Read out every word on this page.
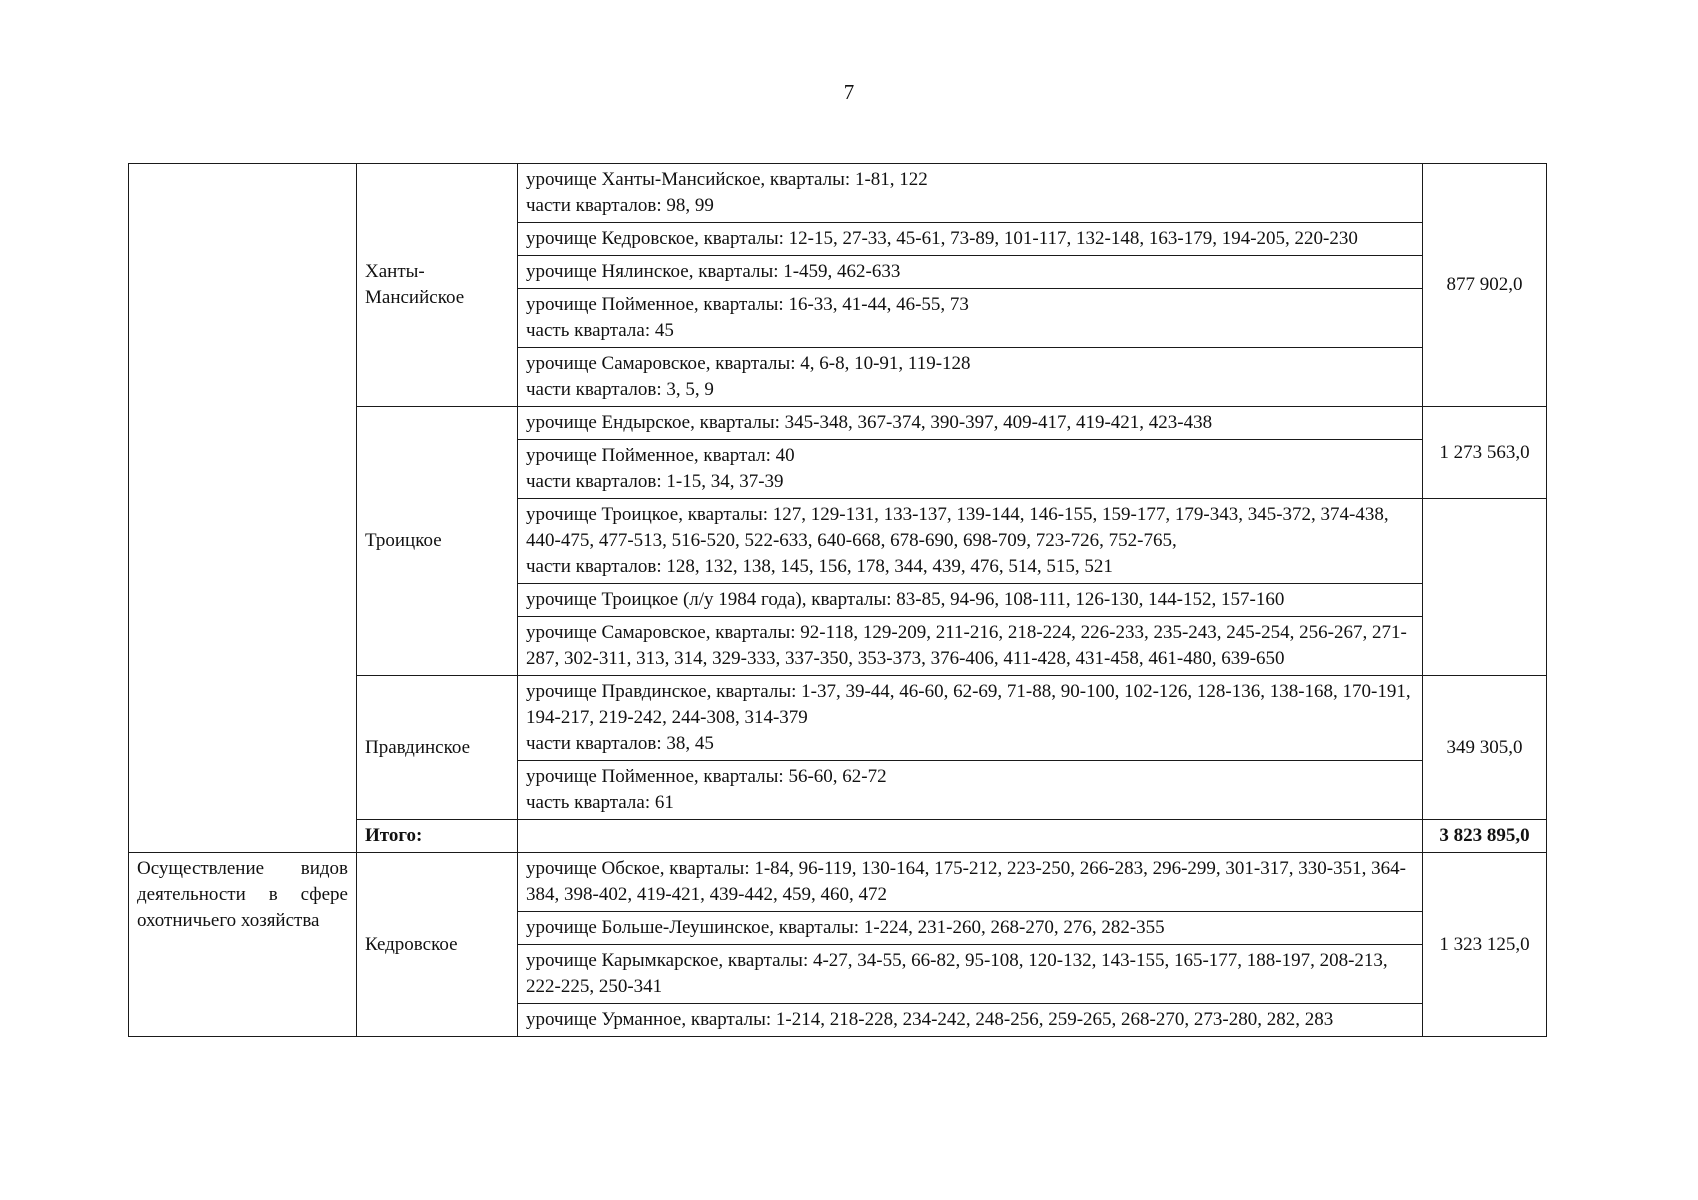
7
	Ханты-Мансийское	урочище Ханты-Мансийское, кварталы: 1-81, 122
части кварталов: 98, 99	877 902,0

		урочище Кедровское, кварталы: 12-15, 27-33, 45-61, 73-89, 101-117, 132-148, 163-179, 194-205, 220-230	

		урочище Нялинское, кварталы: 1-459, 462-633	

		урочище Пойменное, кварталы: 16-33, 41-44, 46-55, 73
часть квартала: 45	

		урочище Самаровское, кварталы: 4, 6-8, 10-91, 119-128
части кварталов: 3, 5, 9	

	Троицкое	урочище Ендырское, кварталы: 345-348, 367-374, 390-397, 409-417, 419-421, 423-438	1 273 563,0

		урочище Пойменное, квартал: 40
части кварталов: 1-15, 34, 37-39	

		урочище Троицкое, кварталы: 127, 129-131, 133-137, 139-144, 146-155, 159-177, 179-343, 345-372, 374-438, 440-475, 477-513, 516-520, 522-633, 640-668, 678-690, 698-709, 723-726, 752-765,
части кварталов: 128, 132, 138, 145, 156, 178, 344, 439, 476, 514, 515, 521	

		урочище Троицкое (л/у 1984 года), кварталы: 83-85, 94-96, 108-111, 126-130, 144-152, 157-160	

		урочище Самаровское, кварталы: 92-118, 129-209, 211-216, 218-224, 226-233, 235-243, 245-254, 256-267, 271-287, 302-311, 313, 314, 329-333, 337-350, 353-373, 376-406, 411-428, 431-458, 461-480, 639-650	

	Правдинское	урочище Правдинское, кварталы: 1-37, 39-44, 46-60, 62-69, 71-88, 90-100, 102-126, 128-136, 138-168, 170-191, 194-217, 219-242, 244-308, 314-379
части кварталов: 38, 45	349 305,0

		урочище Пойменное, кварталы: 56-60, 62-72
часть квартала: 61	

	Итого:		3 823 895,0
Осуществление видов деятельности в сфере охотничьего хозяйства	Кедровское	урочище Обское, кварталы: 1-84, 96-119, 130-164, 175-212, 223-250, 266-283, 296-299, 301-317, 330-351, 364-384, 398-402, 419-421, 439-442, 459, 460, 472	1 323 125,0

		урочище Больше-Леушинское, кварталы: 1-224, 231-260, 268-270, 276, 282-355	

		урочище Карымкарское, кварталы: 4-27, 34-55, 66-82, 95-108, 120-132, 143-155, 165-177, 188-197, 208-213, 222-225, 250-341	

		урочище Урманное, кварталы: 1-214, 218-228, 234-242, 248-256, 259-265, 268-270, 273-280, 282, 283	
